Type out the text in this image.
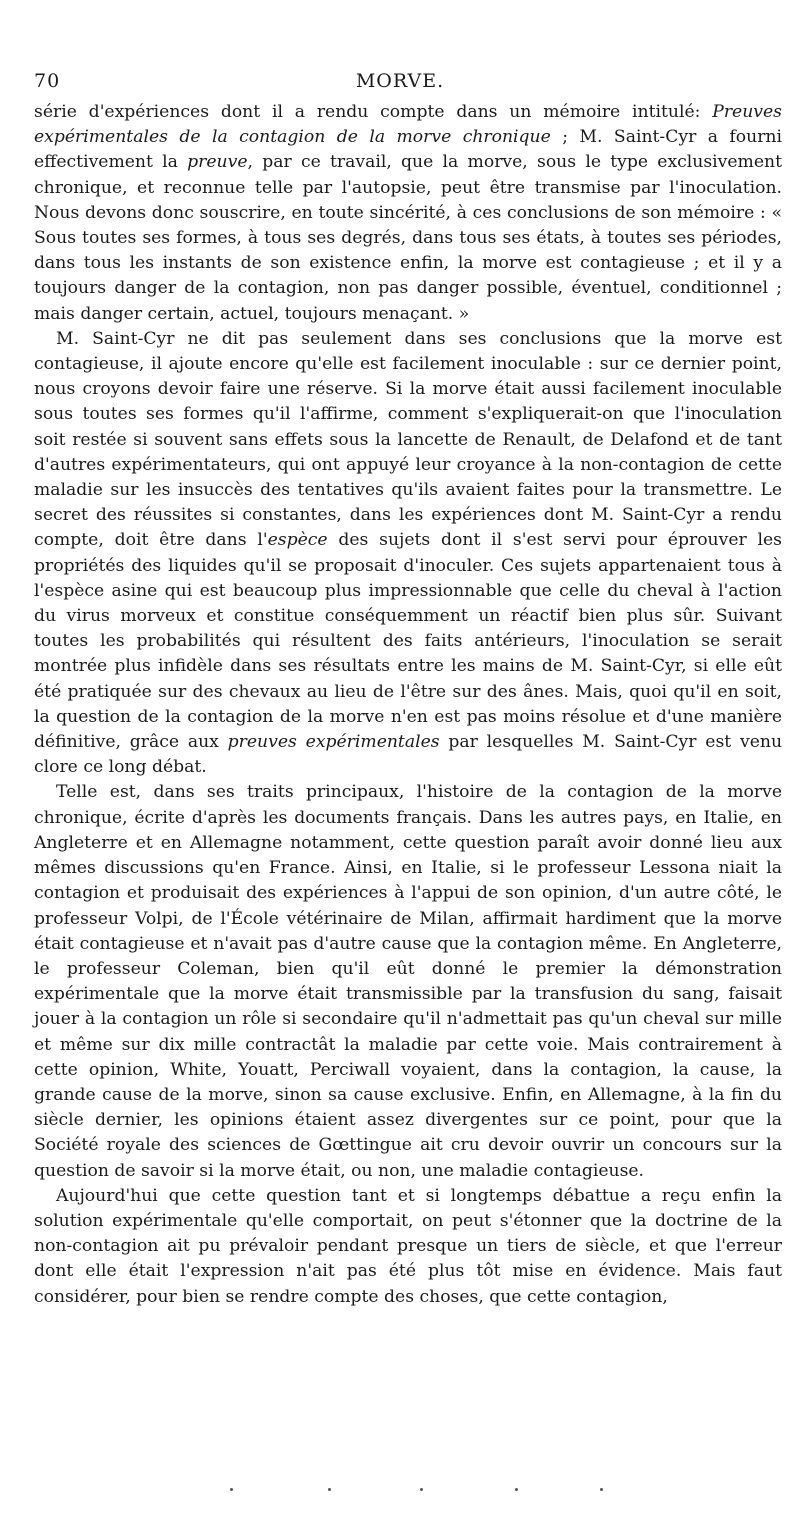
70	MORVE.

série d'expériences dont il a rendu compte dans un mémoire intitulé: Preuves expérimentales de la contagion de la morve chronique ; M. Saint-Cyr a fourni effectivement la preuve, par ce travail, que la morve, sous le type exclusivement chronique, et reconnue telle par l'autopsie, peut être transmise par l'inoculation. Nous devons donc souscrire, en toute sincérité, à ces conclusions de son mémoire : « Sous toutes ses formes, à tous ses degrés, dans tous ses états, à toutes ses périodes, dans tous les instants de son existence enfin, la morve est contagieuse ; et il y a toujours danger de la contagion, non pas danger possible, éventuel, conditionnel ; mais danger certain, actuel, toujours menaçant. »

M. Saint-Cyr ne dit pas seulement dans ses conclusions que la morve est contagieuse, il ajoute encore qu'elle est facilement inoculable : sur ce dernier point, nous croyons devoir faire une réserve. Si la morve était aussi facilement inoculable sous toutes ses formes qu'il l'affirme, comment s'expliquerait-on que l'inoculation soit restée si souvent sans effets sous la lancette de Renault, de Delafond et de tant d'autres expérimentateurs, qui ont appuyé leur croyance à la non-contagion de cette maladie sur les insuccès des tentatives qu'ils avaient faites pour la transmettre. Le secret des réussites si constantes, dans les expériences dont M. Saint-Cyr a rendu compte, doit être dans l'espèce des sujets dont il s'est servi pour éprouver les propriétés des liquides qu'il se proposait d'inoculer. Ces sujets appartenaient tous à l'espèce asine qui est beaucoup plus impressionnable que celle du cheval à l'action du virus morveux et constitue conséquemment un réactif bien plus sûr. Suivant toutes les probabilités qui résultent des faits antérieurs, l'inoculation se serait montrée plus infidèle dans ses résultats entre les mains de M. Saint-Cyr, si elle eût été pratiquée sur des chevaux au lieu de l'être sur des ânes. Mais, quoi qu'il en soit, la question de la contagion de la morve n'en est pas moins résolue et d'une manière définitive, grâce aux preuves expérimentales par lesquelles M. Saint-Cyr est venu clore ce long débat.

Telle est, dans ses traits principaux, l'histoire de la contagion de la morve chronique, écrite d'après les documents français. Dans les autres pays, en Italie, en Angleterre et en Allemagne notamment, cette question paraît avoir donné lieu aux mêmes discussions qu'en France. Ainsi, en Italie, si le professeur Lessona niait la contagion et produisait des expériences à l'appui de son opinion, d'un autre côté, le professeur Volpi, de l'École vétérinaire de Milan, affirmait hardiment que la morve était contagieuse et n'avait pas d'autre cause que la contagion même. En Angleterre, le professeur Coleman, bien qu'il eût donné le premier la démonstration expérimentale que la morve était transmissible par la transfusion du sang, faisait jouer à la contagion un rôle si secondaire qu'il n'admettait pas qu'un cheval sur mille et même sur dix mille contractât la maladie par cette voie. Mais contrairement à cette opinion, White, Youatt, Perciwall voyaient, dans la contagion, la cause, la grande cause de la morve, sinon sa cause exclusive. Enfin, en Allemagne, à la fin du siècle dernier, les opinions étaient assez divergentes sur ce point, pour que la Société royale des sciences de Gœttingue ait cru devoir ouvrir un concours sur la question de savoir si la morve était, ou non, une maladie contagieuse.

Aujourd'hui que cette question tant et si longtemps débattue a reçu enfin la solution expérimentale qu'elle comportait, on peut s'étonner que la doctrine de la non-contagion ait pu prévaloir pendant presque un tiers de siècle, et que l'erreur dont elle était l'expression n'ait pas été plus tôt mise en évidence. Mais faut considérer, pour bien se rendre compte des choses, que cette contagion,
